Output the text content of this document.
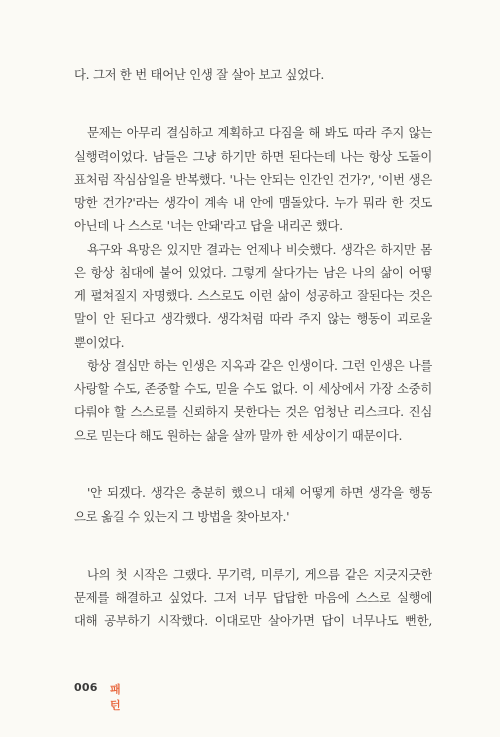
다. 그저 한 번 태어난 인생 잘 살아 보고 싶었다.
문제는 아무리 결심하고 계획하고 다짐을 해 봐도 따라 주지 않는
실행력이었다. 남들은 그냥 하기만 하면 된다는데 나는 항상 도돌이
표처럼 작심삼일을 반복했다. '나는 안되는 인간인 건가?', '이번 생은
망한 건가?'라는 생각이 계속 내 안에 맴돌았다. 누가 뭐라 한 것도
아닌데 나 스스로 '너는 안돼'라고 답을 내리곤 했다.
욕구와 욕망은 있지만 결과는 언제나 비슷했다. 생각은 하지만 몸
은 항상 침대에 붙어 있었다. 그렇게 살다가는 남은 나의 삶이 어떻
게 펼쳐질지 자명했다. 스스로도 이런 삶이 성공하고 잘된다는 것은
말이 안 된다고 생각했다. 생각처럼 따라 주지 않는 행동이 괴로울
뿐이었다.
항상 결심만 하는 인생은 지옥과 같은 인생이다. 그런 인생은 나를
사랑할 수도, 존중할 수도, 믿을 수도 없다. 이 세상에서 가장 소중히
다뤄야 할 스스로를 신뢰하지 못한다는 것은 엄청난 리스크다. 진심
으로 믿는다 해도 원하는 삶을 살까 말까 한 세상이기 때문이다.
'안 되겠다. 생각은 충분히 했으니 대체 어떻게 하면 생각을 행동
으로 옮길 수 있는지 그 방법을 찾아보자.'
나의 첫 시작은 그랬다. 무기력, 미루기, 게으름 같은 지긋지긋한
문제를 해결하고 싶었다. 그저 너무 답답한 마음에 스스로 실행에
대해 공부하기 시작했다. 이대로만 살아가면 답이 너무나도 뻔한,
006 패턴
